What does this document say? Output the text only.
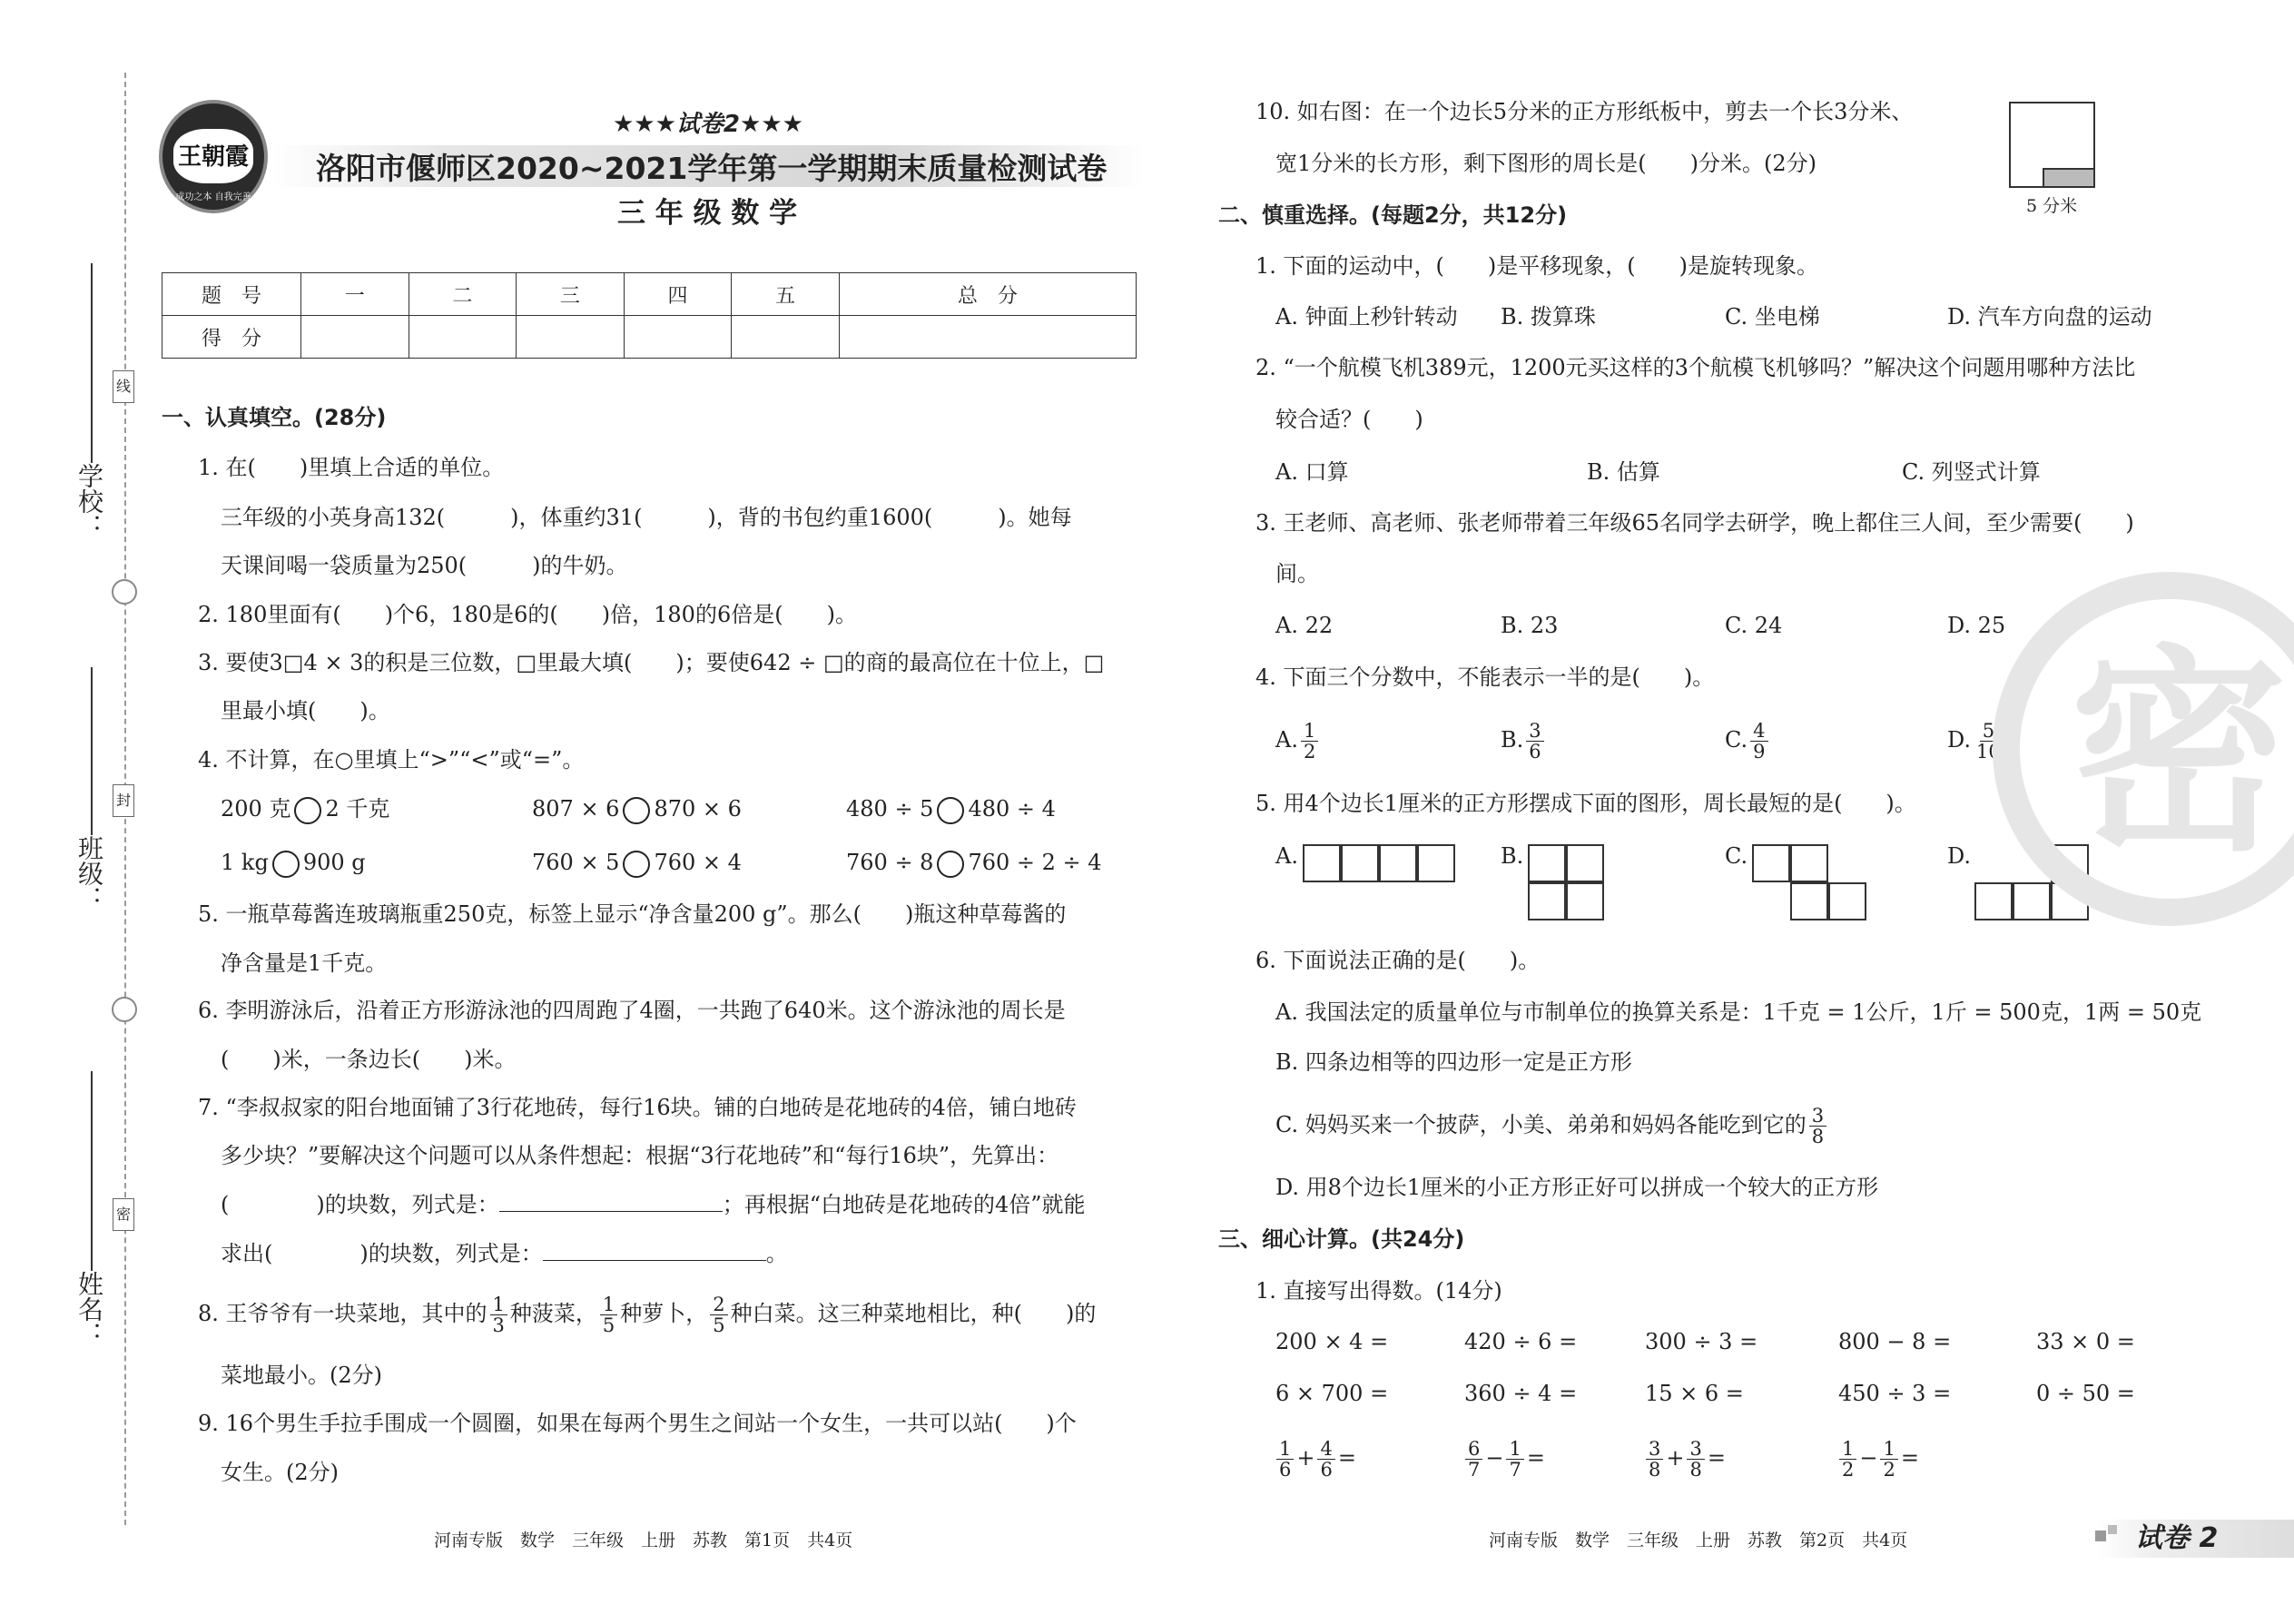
学校：
班级：
姓名：
线
封
密
王朝霞
成功之本 自我完善
★★★试卷2★★★
洛阳市偃师区2020~2021学年第一学期期末质量检测试卷
三 年 级 数 学
题　号	一	二	三	四	五	总　分
得　分						
一、认真填空。(28分)
1. 在(　　)里填上合适的单位。
三年级的小英身高132(　　　)，体重约31(　　　)，背的书包约重1600(　　　)。她每
天课间喝一袋质量为250(　　　)的牛奶。
2. 180里面有(　　)个6，180是6的(　　)倍，180的6倍是(　　)。
3. 要使3□4 × 3的积是三位数，□里最大填(　　)；要使642 ÷ □的商的最高位在十位上，□
里最小填(　　)。
4. 不计算，在○里填上“>”“<”或“=”。
200 克 2 千克	807 × 6 870 × 6	480 ÷ 5 480 ÷ 4
1 kg 900 g	760 × 5 760 × 4	760 ÷ 8 760 ÷ 2 ÷ 4
5. 一瓶草莓酱连玻璃瓶重250克，标签上显示“净含量200 g”。那么(　　)瓶这种草莓酱的
净含量是1千克。
6. 李明游泳后，沿着正方形游泳池的四周跑了4圈，一共跑了640米。这个游泳池的周长是
(　　)米，一条边长(　　)米。
7. “李叔叔家的阳台地面铺了3行花地砖，每行16块。铺的白地砖是花地砖的4倍，铺白地砖
多少块？”要解决这个问题可以从条件想起：根据“3行花地砖”和“每行16块”，先算出：
(　　　　)的块数，列式是：	；再根据“白地砖是花地砖的4倍”就能
求出(　　　　)的块数，列式是：	。
8. 王爷爷有一块菜地，其中的 $\frac{1}{3}$ 种菠菜， $\frac{1}{5}$ 种萝卜， $\frac{2}{5}$ 种白菜。这三种菜地相比，种(　　)的
菜地最小。(2分)
9. 16个男生手拉手围成一个圆圈，如果在每两个男生之间站一个女生，一共可以站(　　)个
女生。(2分)
河南专版　数学　三年级　上册　苏教　第1页　共4页
10. 如右图：在一个边长5分米的正方形纸板中，剪去一个长3分米、
宽1分米的长方形，剩下图形的周长是(　　)分米。(2分)
5 分米
二、慎重选择。(每题2分，共12分)
1. 下面的运动中，(　　)是平移现象，(　　)是旋转现象。
A. 钟面上秒针转动 B. 拨算珠	C. 坐电梯	D. 汽车方向盘的运动
2. “一个航模飞机389元，1200元买这样的3个航模飞机够吗？”解决这个问题用哪种方法比
较合适？(　　)
A. 口算	B. 估算	C. 列竖式计算
3. 王老师、高老师、张老师带着三年级65名同学去研学，晚上都住三人间，至少需要(　　)
间。
A. 22	B. 23	C. 24	D. 25
4. 下面三个分数中，不能表示一半的是(　　)。
A. $\frac{1}{2}$	B. $\frac{3}{6}$	C. $\frac{4}{9}$	D. $\frac{5}{10}$
5. 用4个边长1厘米的正方形摆成下面的图形，周长最短的是(　　)。
A.	B.	C.	D.
6. 下面说法正确的是(　　)。
A. 我国法定的质量单位与市制单位的换算关系是：1千克 = 1公斤，1斤 = 500克，1两 = 50克
B. 四条边相等的四边形一定是正方形
C. 妈妈买来一个披萨，小美、弟弟和妈妈各能吃到它的 $\frac{3}{8}$
D. 用8个边长1厘米的小正方形正好可以拼成一个较大的正方形
三、细心计算。(共24分)
1. 直接写出得数。(14分)
200 × 4 =	420 ÷ 6 =	300 ÷ 3 =	800 − 8 =	33 × 0 =
6 × 700 =	360 ÷ 4 =	15 × 6 =	450 ÷ 3 =	0 ÷ 50 =
$\frac{1}{6} + \frac{4}{6}$ =	$\frac{6}{7} - \frac{1}{7}$ =	$\frac{3}{8} + \frac{3}{8}$ =	$\frac{1}{2} - \frac{1}{2}$ =
密
河南专版　数学　三年级　上册　苏教　第2页　共4页	试卷 2
